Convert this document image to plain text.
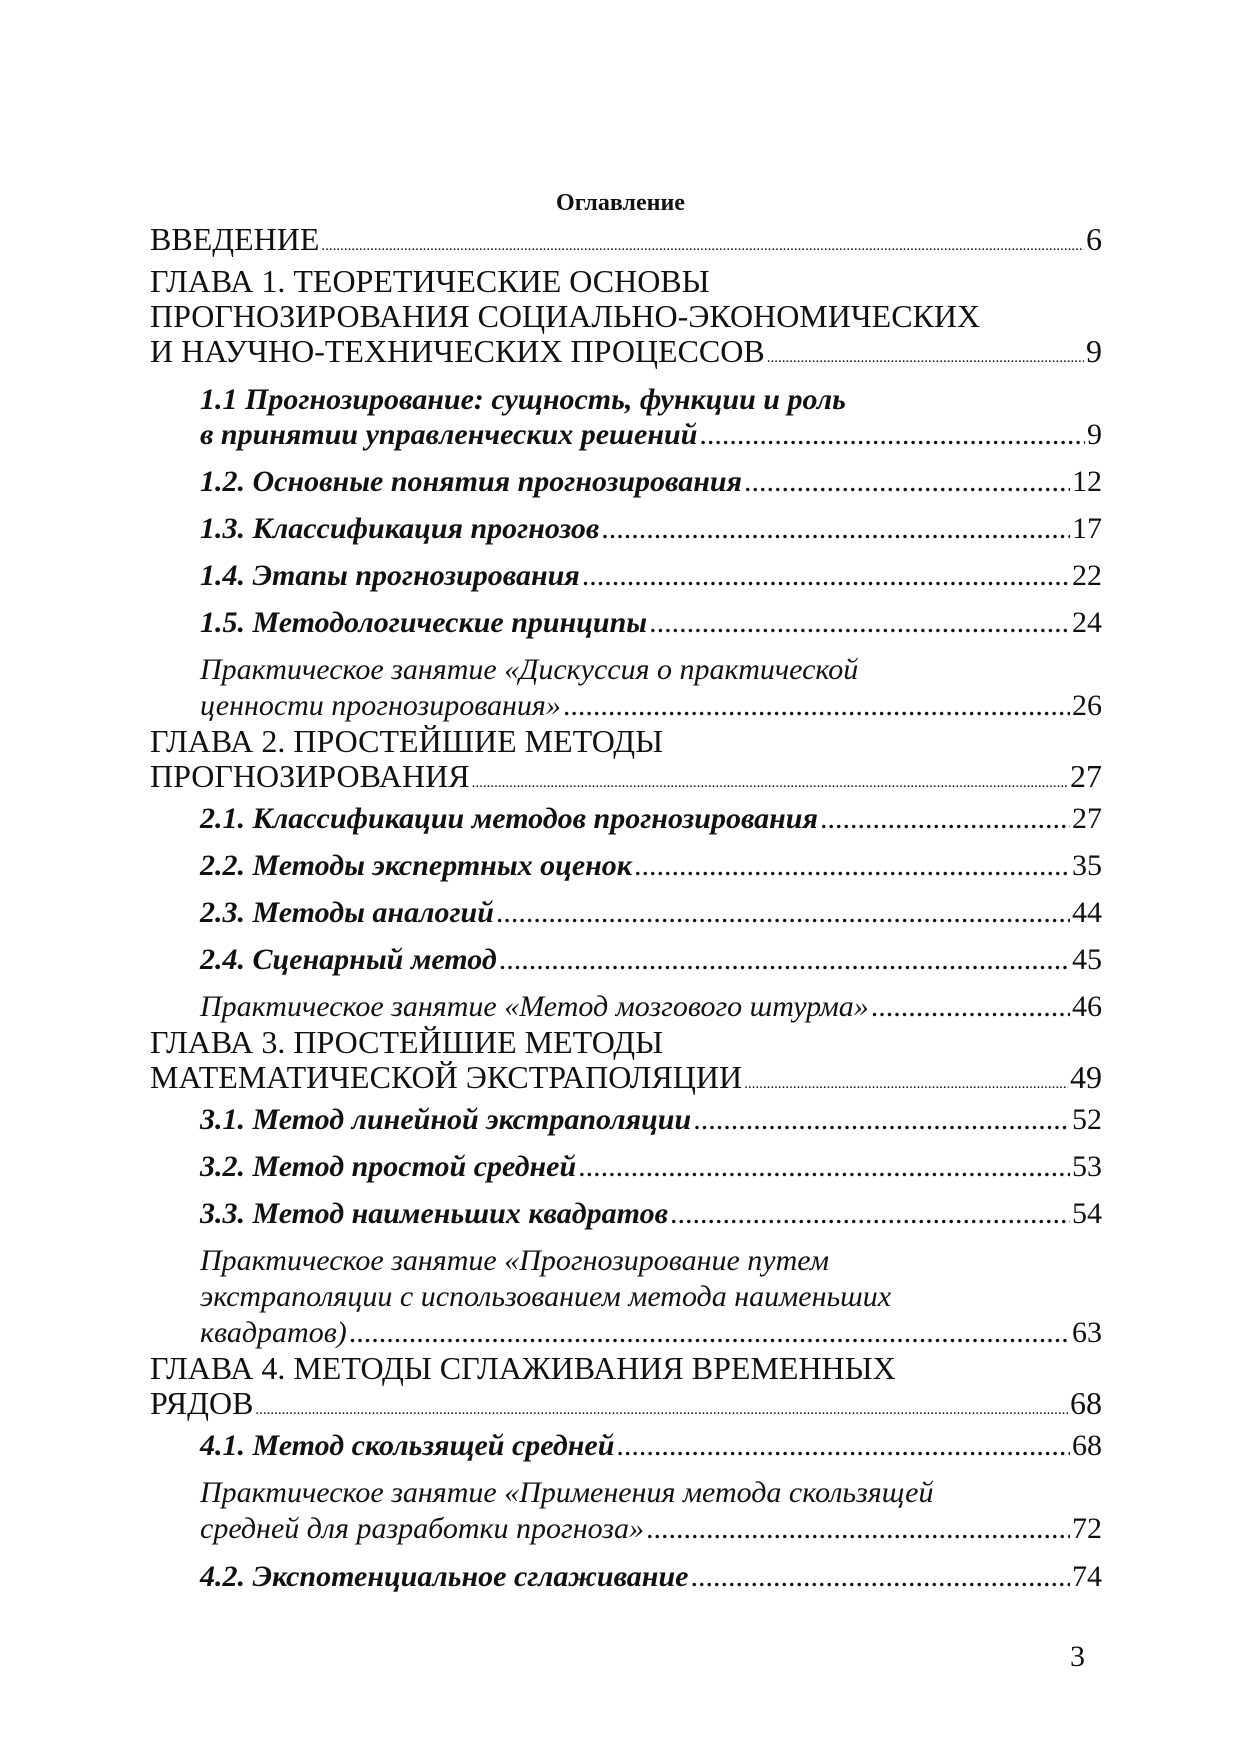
Оглавление
ВВЕДЕНИЕ .....	6
ГЛАВА 1. ТЕОРЕТИЧЕСКИЕ ОСНОВЫ
ПРОГНОЗИРОВАНИЯ СОЦИАЛЬНО-ЭКОНОМИЧЕСКИХ
И НАУЧНО-ТЕХНИЧЕСКИХ ПРОЦЕССОВ .....	9
1.1 Прогнозирование: сущность, функции и роль
в принятии управленческих решений .....	9
1.2. Основные понятия прогнозирования .....	12
1.3. Классификация прогнозов .....	17
1.4. Этапы прогнозирования .....	22
1.5. Методологические принципы .....	24
Практическое занятие «Дискуссия о практической
ценности прогнозирования» .....	26
ГЛАВА 2. ПРОСТЕЙШИЕ МЕТОДЫ
ПРОГНОЗИРОВАНИЯ .....	27
2.1. Классификации методов прогнозирования .....	27
2.2. Методы экспертных оценок .....	35
2.3. Методы аналогий .....	44
2.4. Сценарный метод .....	45
Практическое занятие «Метод мозгового штурма» .....	46
ГЛАВА 3. ПРОСТЕЙШИЕ МЕТОДЫ
МАТЕМАТИЧЕСКОЙ ЭКСТРАПОЛЯЦИИ .....	49
3.1. Метод линейной экстраполяции .....	52
3.2. Метод простой средней .....	53
3.3. Метод наименьших квадратов .....	54
Практическое занятие «Прогнозирование путем
экстраполяции с использованием метода наименьших
квадратов) .....	63
ГЛАВА 4. МЕТОДЫ СГЛАЖИВАНИЯ ВРЕМЕННЫХ
РЯДОВ .....	68
4.1. Метод скользящей средней .....	68
Практическое занятие «Применения метода скользящей
средней для разработки прогноза» .....	72
4.2. Экспотенциальное сглаживание .....	74
3
